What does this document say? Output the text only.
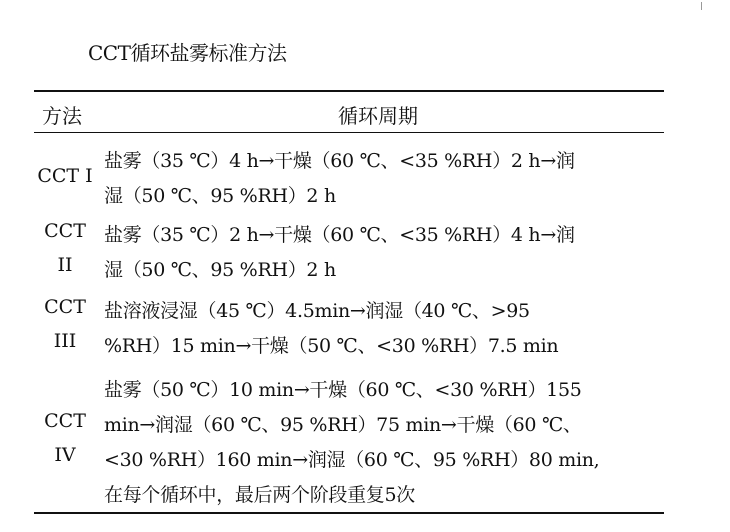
CCT循环盐雾标准方法
方法	循环周期
CCT I
盐雾（35 ℃）4 h→干燥（60 ℃、<35 %RH）2 h→润
湿（50 ℃、95 %RH）2 h
CCT
II
盐雾（35 ℃）2 h→干燥（60 ℃、<35 %RH）4 h→润
湿（50 ℃、95 %RH）2 h
CCT
III
盐溶液浸湿（45 ℃）4.5min→润湿（40 ℃、>95
%RH）15 min→干燥（50 ℃、<30 %RH）7.5 min
CCT
IV
盐雾（50 ℃）10 min→干燥（60 ℃、<30 %RH）155
min→润湿（60 ℃、95 %RH）75 min→干燥（60 ℃、
<30 %RH）160 min→润湿（60 ℃、95 %RH）80 min,
在每个循环中，最后两个阶段重复5次
